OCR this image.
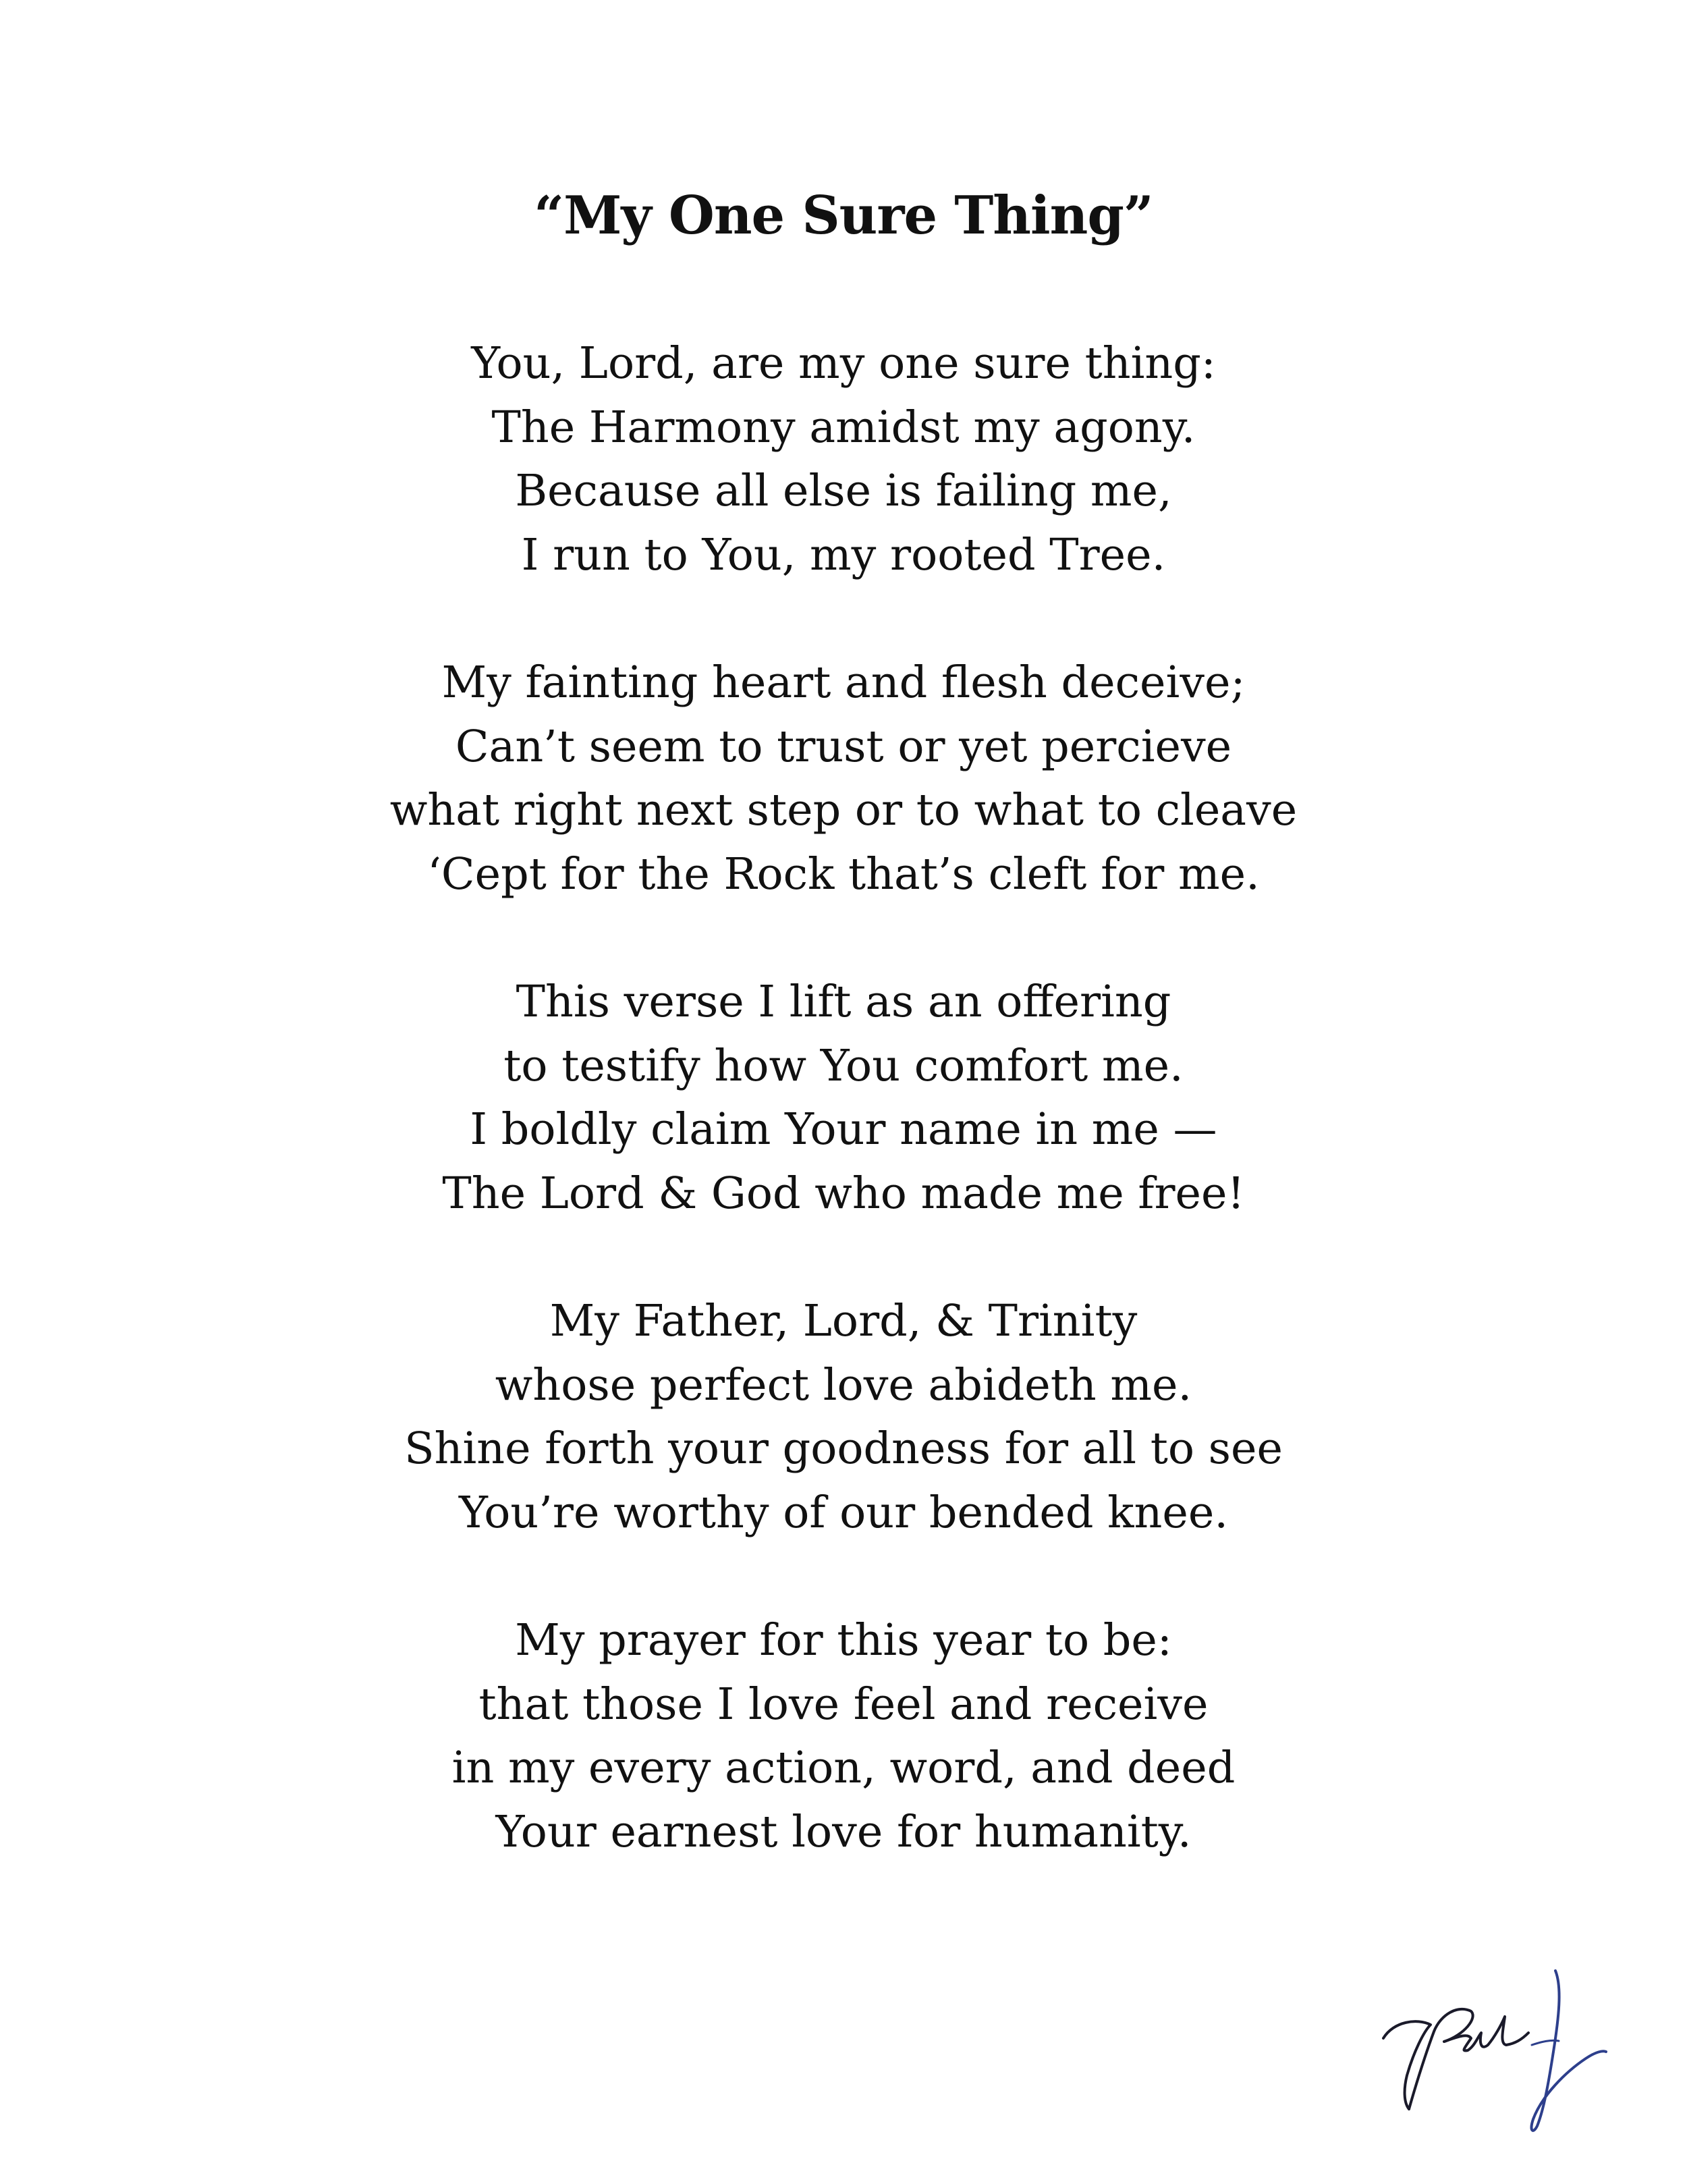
“My One Sure Thing”
You, Lord, are my one sure thing:
The Harmony amidst my agony.
Because all else is failing me,
I run to You, my rooted Tree.
My fainting heart and flesh deceive;
Can’t seem to trust or yet percieve
what right next step or to what to cleave
‘Cept for the Rock that’s cleft for me.
This verse I lift as an offering
to testify how You comfort me.
I boldly claim Your name in me —
The Lord & God who made me free!
My Father, Lord, & Trinity
whose perfect love abideth me.
Shine forth your goodness for all to see
You’re worthy of our bended knee.
My prayer for this year to be:
that those I love feel and receive
in my every action, word, and deed
Your earnest love for humanity.
